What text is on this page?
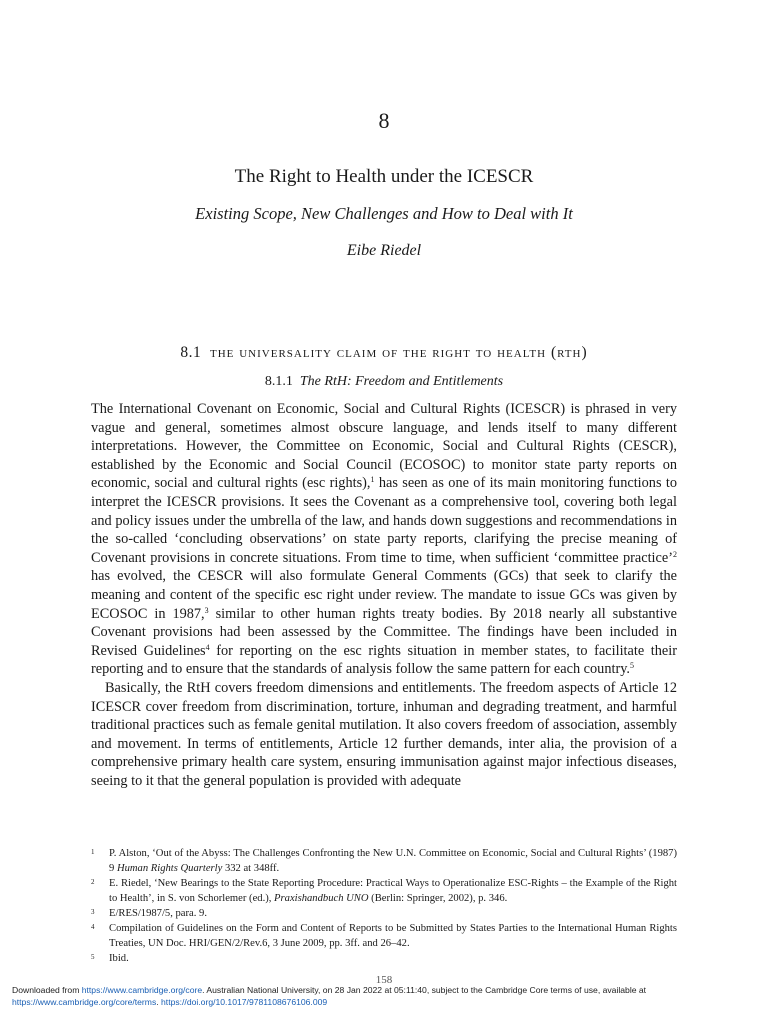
8
The Right to Health under the ICESCR
Existing Scope, New Challenges and How to Deal with It
Eibe Riedel
8.1 the universality claim of the right to health (rth)
8.1.1 The RtH: Freedom and Entitlements

The International Covenant on Economic, Social and Cultural Rights (ICESCR) is phrased in very vague and general, sometimes almost obscure language, and lends itself to many different interpretations. However, the Committee on Economic, Social and Cultural Rights (CESCR), established by the Economic and Social Council (ECOSOC) to monitor state party reports on economic, social and cultural rights (esc rights),$^1$ has seen as one of its main monitoring functions to interpret the ICESCR provisions. It sees the Covenant as a comprehensive tool, covering both legal and policy issues under the umbrella of the law, and hands down suggestions and recommendations in the so-called ‘concluding observations’ on state party reports, clarifying the precise meaning of Covenant provisions in concrete situations. From time to time, when sufficient ‘committee practice’$^2$ has evolved, the CESCR will also formulate General Comments (GCs) that seek to clarify the meaning and content of the specific esc right under review. The mandate to issue GCs was given by ECOSOC in 1987,$^3$ similar to other human rights treaty bodies. By 2018 nearly all substantive Covenant provisions had been assessed by the Committee. The findings have been included in Revised Guidelines$^4$ for reporting on the esc rights situation in member states, to facilitate their reporting and to ensure that the standards of analysis follow the same pattern for each country.$^5$

Basically, the RtH covers freedom dimensions and entitlements. The freedom aspects of Article 12 ICESCR cover freedom from discrimination, torture, inhuman and degrading treatment, and harmful traditional practices such as female genital mutilation. It also covers freedom of association, assembly and movement. In terms of entitlements, Article 12 further demands, inter alia, the provision of a comprehensive primary health care system, ensuring immunisation against major infectious diseases, seeing to it that the general population is provided with adequate

1	P. Alston, ‘Out of the Abyss: The Challenges Confronting the New U.N. Committee on Economic, Social and Cultural Rights’ (1987) 9 Human Rights Quarterly 332 at 348ff.
2	E. Riedel, ‘New Bearings to the State Reporting Procedure: Practical Ways to Operationalize ESC-Rights – the Example of the Right to Health’, in S. von Schorlemer (ed.), Praxishandbuch UNO (Berlin: Springer, 2002), p. 346.
3	E/RES/1987/5, para. 9.
4	Compilation of Guidelines on the Form and Content of Reports to be Submitted by States Parties to the International Human Rights Treaties, UN Doc. HRI/GEN/2/Rev.6, 3 June 2009, pp. 3ff. and 26–42.
5	Ibid.
158
Downloaded from https://www.cambridge.org/core. Australian National University, on 28 Jan 2022 at 05:11:40, subject to the Cambridge Core terms of use, available at
https://www.cambridge.org/core/terms. https://doi.org/10.1017/9781108676106.009
